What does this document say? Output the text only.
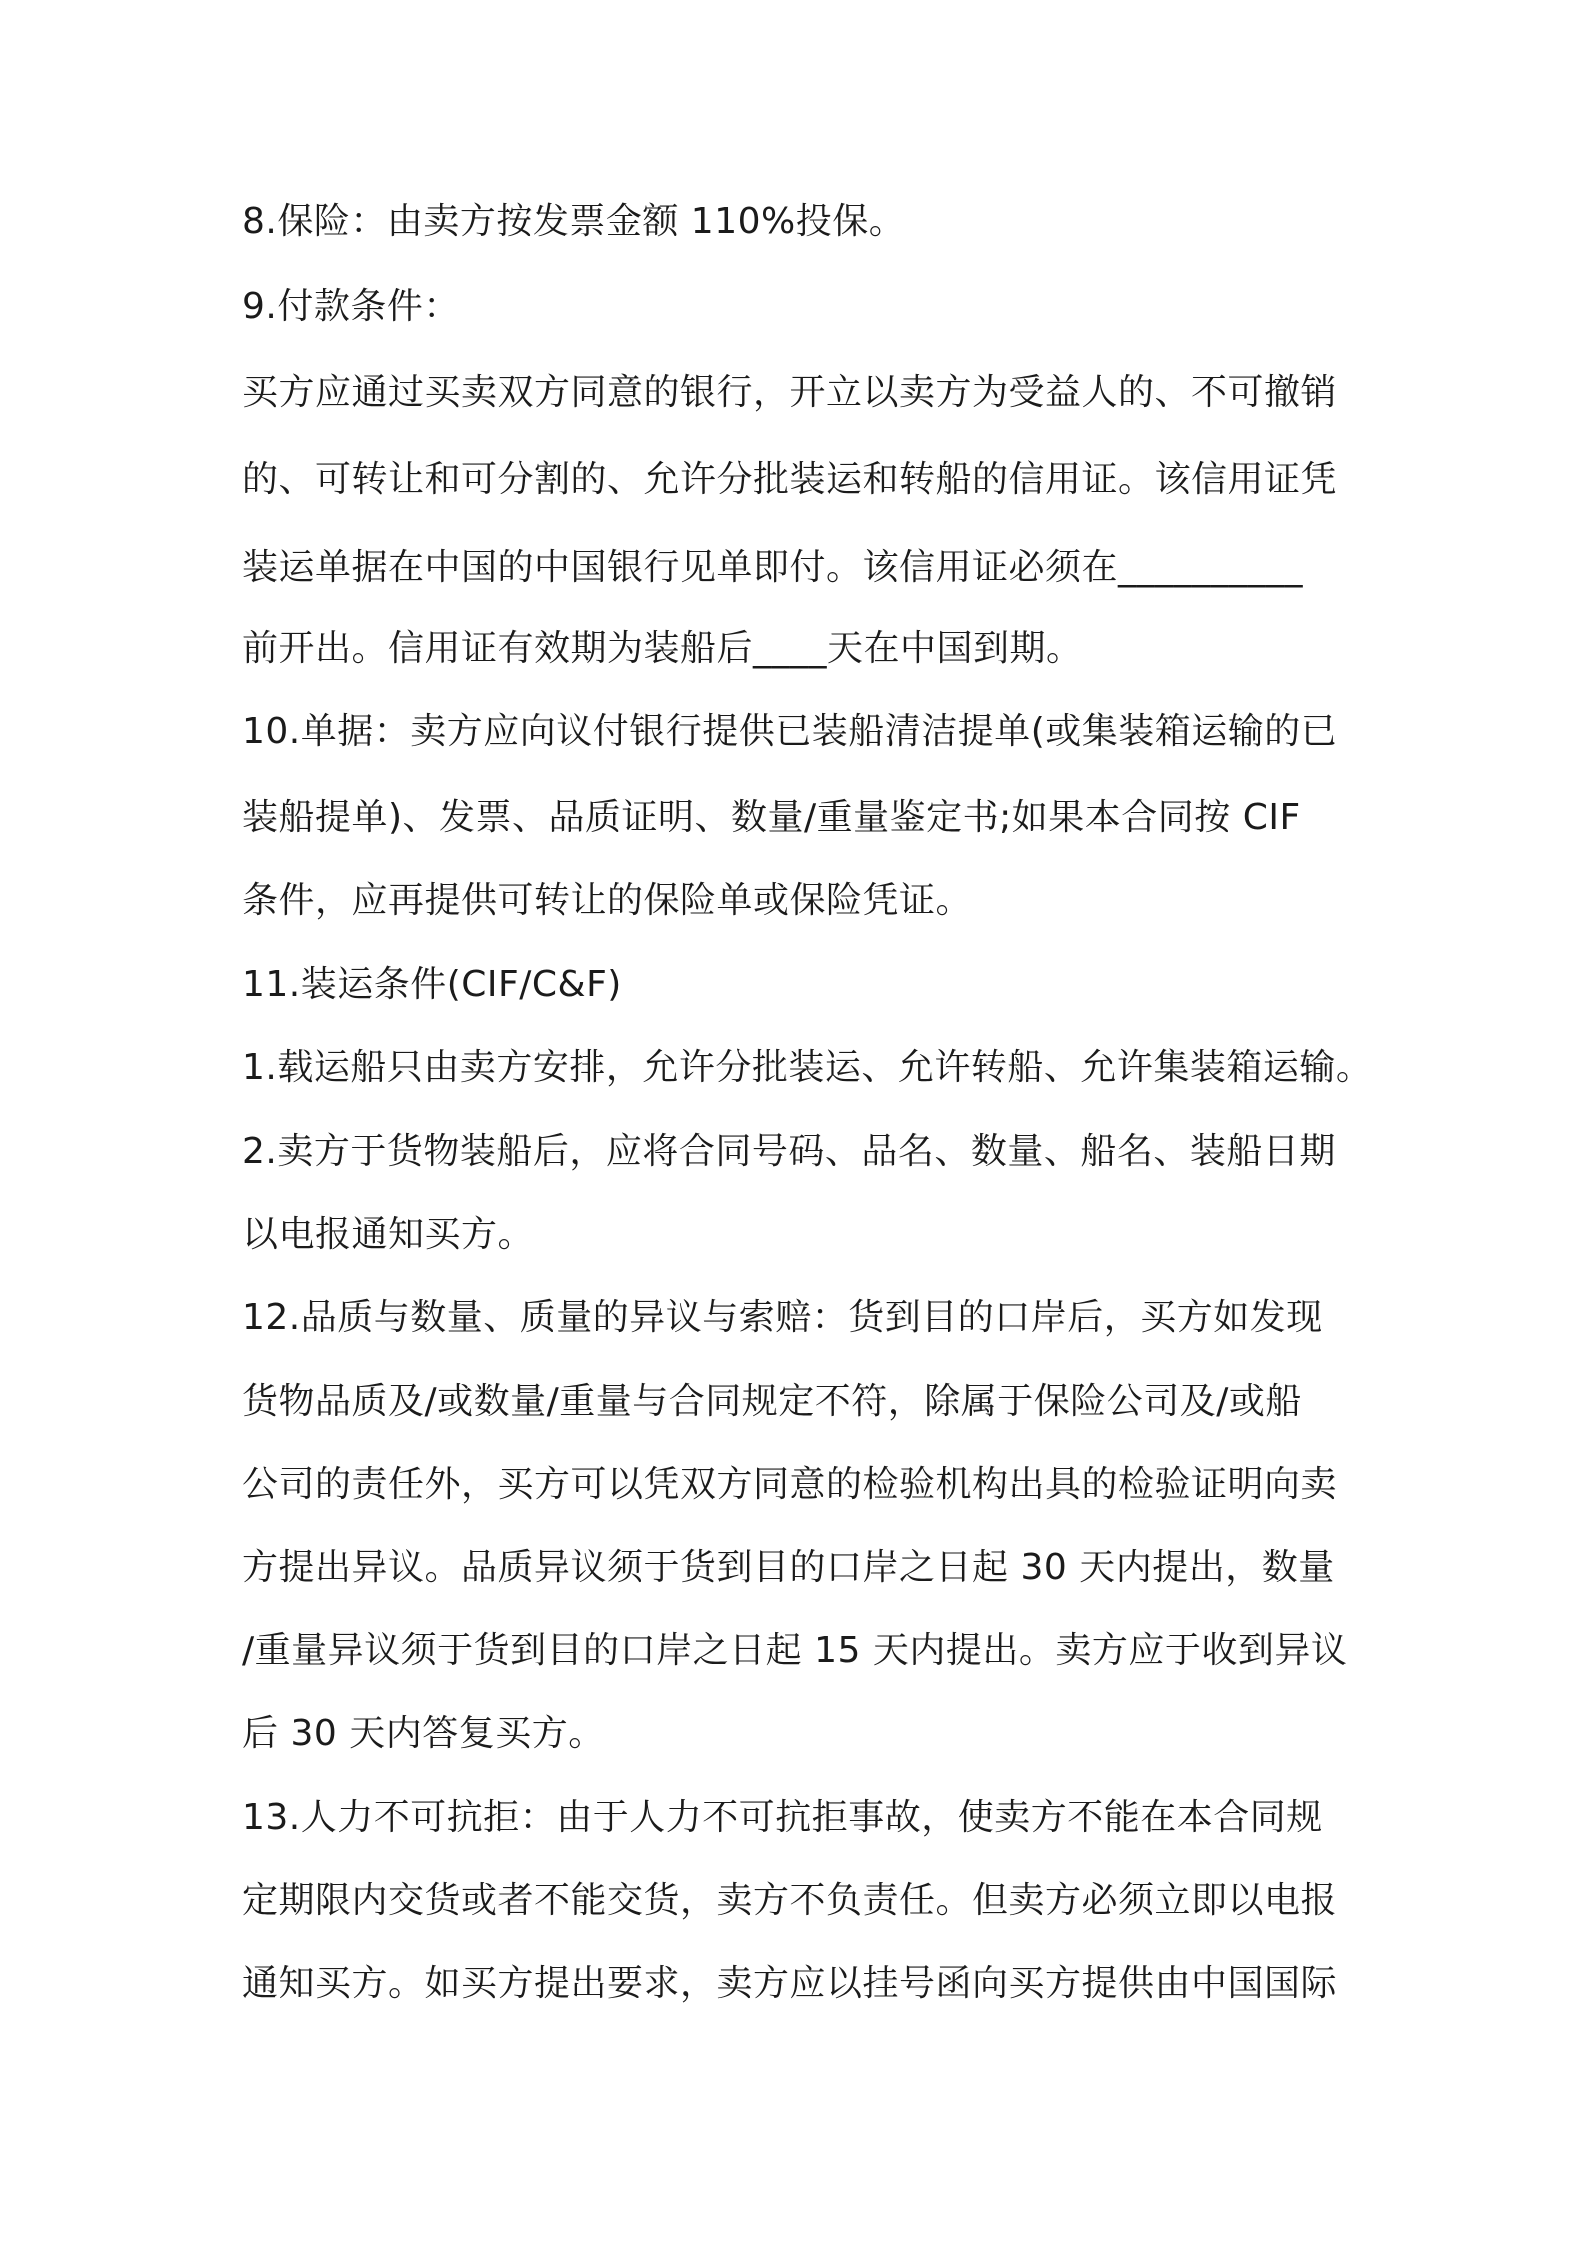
8.保险：由卖方按发票金额 110%投保。
9.付款条件：
买方应通过买卖双方同意的银行，开立以卖方为受益人的、不可撤销
的、可转让和可分割的、允许分批装运和转船的信用证。该信用证凭
装运单据在中国的中国银行见单即付。该信用证必须在__________
前开出。信用证有效期为装船后____天在中国到期。
10.单据：卖方应向议付银行提供已装船清洁提单(或集装箱运输的已
装船提单)、发票、品质证明、数量/重量鉴定书;如果本合同按 CIF
条件，应再提供可转让的保险单或保险凭证。
11.装运条件(CIF/C&F)
1.载运船只由卖方安排，允许分批装运、允许转船、允许集装箱运输。
2.卖方于货物装船后，应将合同号码、品名、数量、船名、装船日期
以电报通知买方。
12.品质与数量、质量的异议与索赔：货到目的口岸后，买方如发现
货物品质及/或数量/重量与合同规定不符，除属于保险公司及/或船
公司的责任外，买方可以凭双方同意的检验机构出具的检验证明向卖
方提出异议。品质异议须于货到目的口岸之日起 30 天内提出，数量
/重量异议须于货到目的口岸之日起 15 天内提出。卖方应于收到异议
后 30 天内答复买方。
13.人力不可抗拒：由于人力不可抗拒事故，使卖方不能在本合同规
定期限内交货或者不能交货，卖方不负责任。但卖方必须立即以电报
通知买方。如买方提出要求，卖方应以挂号函向买方提供由中国国际
